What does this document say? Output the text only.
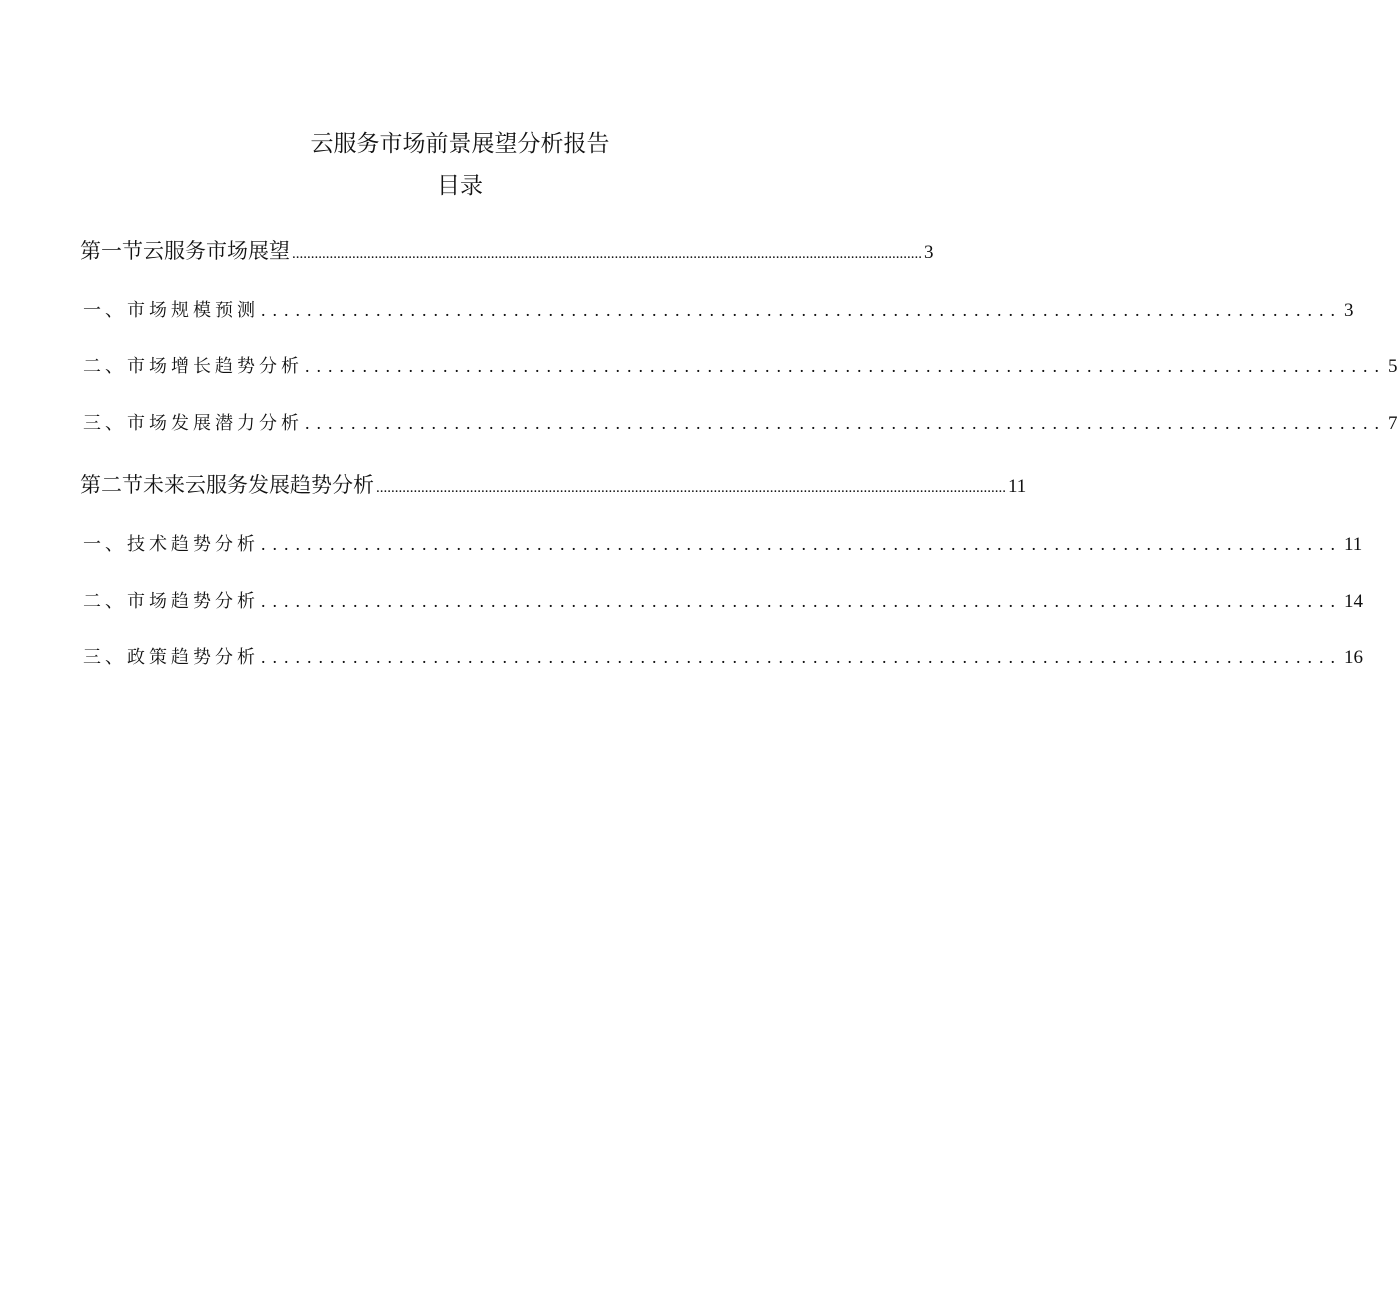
云服务市场前景展望分析报告
目录
第一节云服务市场展望 ........................................................................................................................................................................ 3
一、市场规模预测 .............................................................................................. 3
二、市场增长趋势分析 .............................................................................................. 5
三、市场发展潜力分析 .............................................................................................. 7
第二节未来云服务发展趋势分析 ........................................................................................................................................................................ 11
一、技术趋势分析 .............................................................................................. 11
二、市场趋势分析 .............................................................................................. 14
三、政策趋势分析 .............................................................................................. 16
